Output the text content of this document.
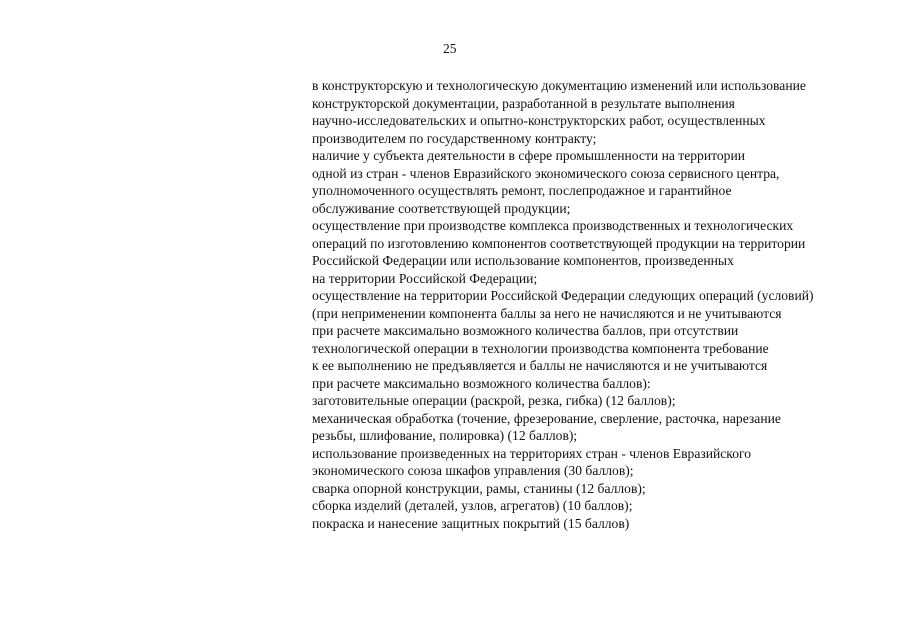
25
в конструкторскую и технологическую документацию изменений или использование
конструкторской документации, разработанной в результате выполнения
научно-исследовательских и опытно-конструкторских работ, осуществленных
производителем по государственному контракту;
наличие у субъекта деятельности в сфере промышленности на территории
одной из стран - членов Евразийского экономического союза сервисного центра,
уполномоченного осуществлять ремонт, послепродажное и гарантийное
обслуживание соответствующей продукции;
осуществление при производстве комплекса производственных и технологических
операций по изготовлению компонентов соответствующей продукции на территории
Российской Федерации или использование компонентов, произведенных
на территории Российской Федерации;
осуществление на территории Российской Федерации следующих операций (условий)
(при неприменении компонента баллы за него не начисляются и не учитываются
при расчете максимально возможного количества баллов, при отсутствии
технологической операции в технологии производства компонента требование
к ее выполнению не предъявляется и баллы не начисляются и не учитываются
при расчете максимально возможного количества баллов):
заготовительные операции (раскрой, резка, гибка) (12 баллов);
механическая обработка (точение, фрезерование, сверление, расточка, нарезание
резьбы, шлифование, полировка) (12 баллов);
использование произведенных на территориях стран - членов Евразийского
экономического союза шкафов управления (30 баллов);
сварка опорной конструкции, рамы, станины (12 баллов);
сборка изделий (деталей, узлов, агрегатов) (10 баллов);
покраска и нанесение защитных покрытий (15 баллов)
